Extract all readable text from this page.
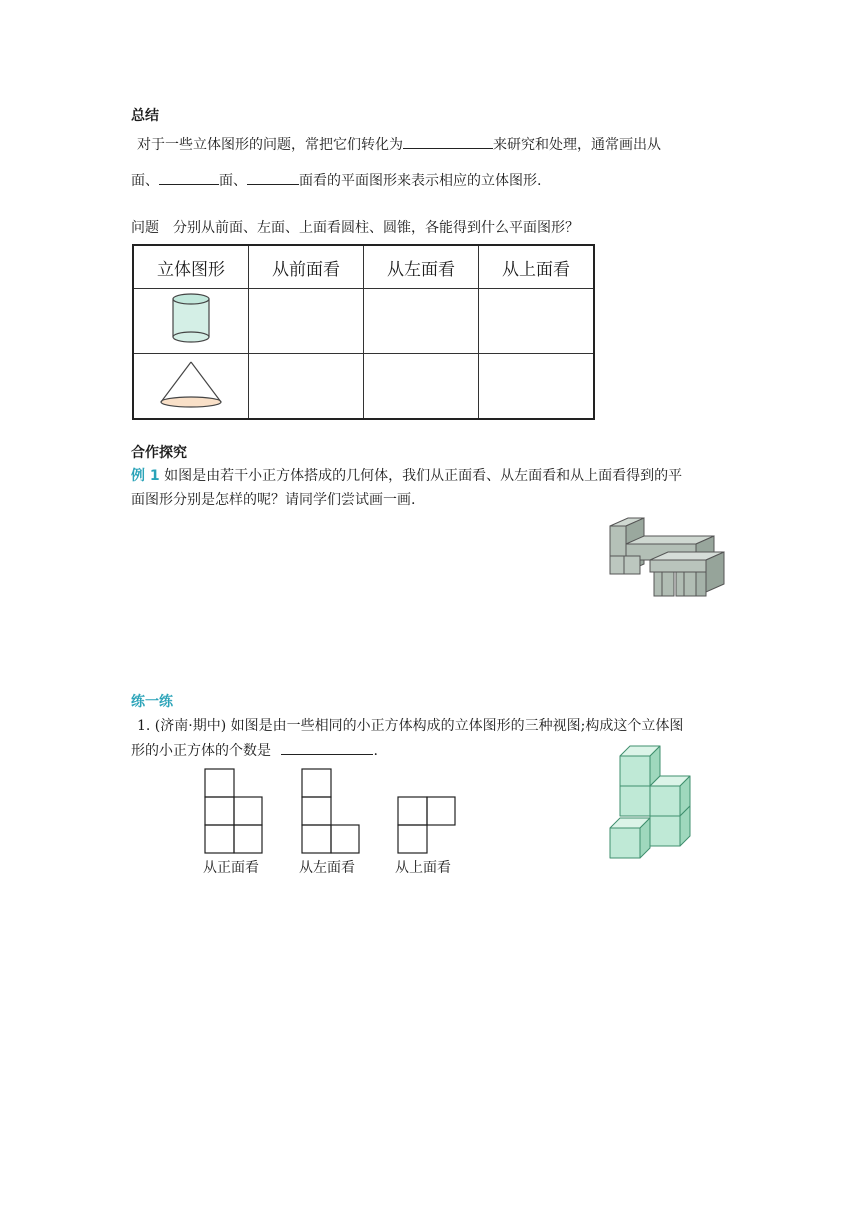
总结
对于一些立体图形的问题，常把它们转化为	来研究和处理，通常画出从
面、	面、	面看的平面图形来表示相应的立体图形.
问题　分别从前面、左面、上面看圆柱、圆锥，各能得到什么平面图形？
立体图形	从前面看	从左面看	从上面看

合作探究
例 1 如图是由若干小正方体搭成的几何体，我们从正面看、从左面看和从上面看得到的平
面图形分别是怎样的呢？请同学们尝试画一画.
练一练
1. (济南·期中) 如图是由一些相同的小正方体构成的立体图形的三种视图;构成这个立体图
形的小正方体的个数是	.
从正面看	从左面看	从上面看
